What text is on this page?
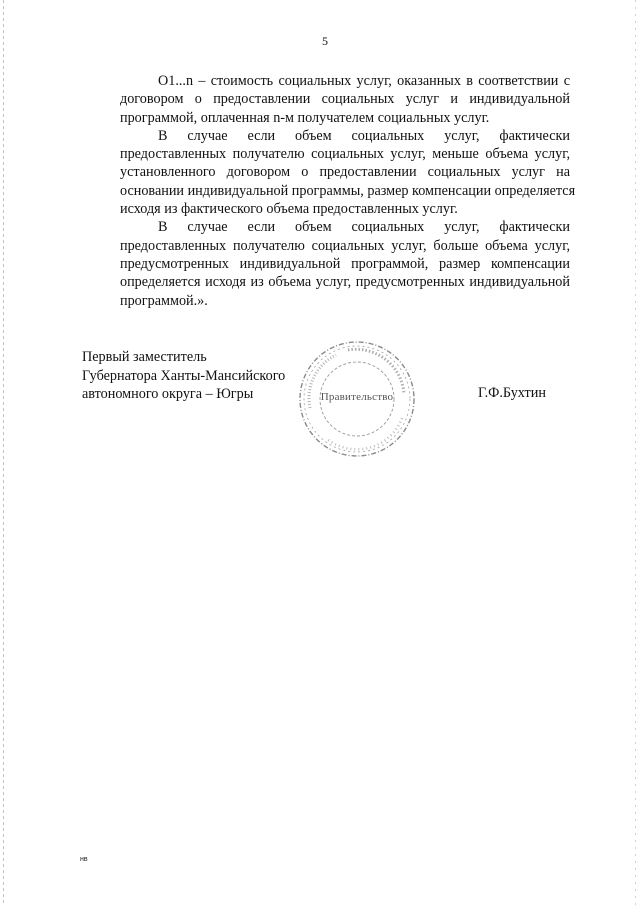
5

O1...n – стоимость социальных услуг, оказанных в соответствии с
договором о предоставлении социальных услуг и индивидуальной
программой, оплаченная n-м получателем социальных услуг.

В случае если объем социальных услуг, фактически
предоставленных получателю социальных услуг, меньше объема услуг,
установленного договором о предоставлении социальных услуг на
основании индивидуальной программы, размер компенсации определяется
исходя из фактического объема предоставленных услуг.

В случае если объем социальных услуг, фактически
предоставленных получателю социальных услуг, больше объема услуг,
предусмотренных индивидуальной программой, размер компенсации
определяется исходя из объема услуг, предусмотренных индивидуальной
программой.».

Первый заместитель
Губернатора Ханты-Мансийского
автономного округа – Югры	Правительство	Г.Ф.Бухтин
нв
